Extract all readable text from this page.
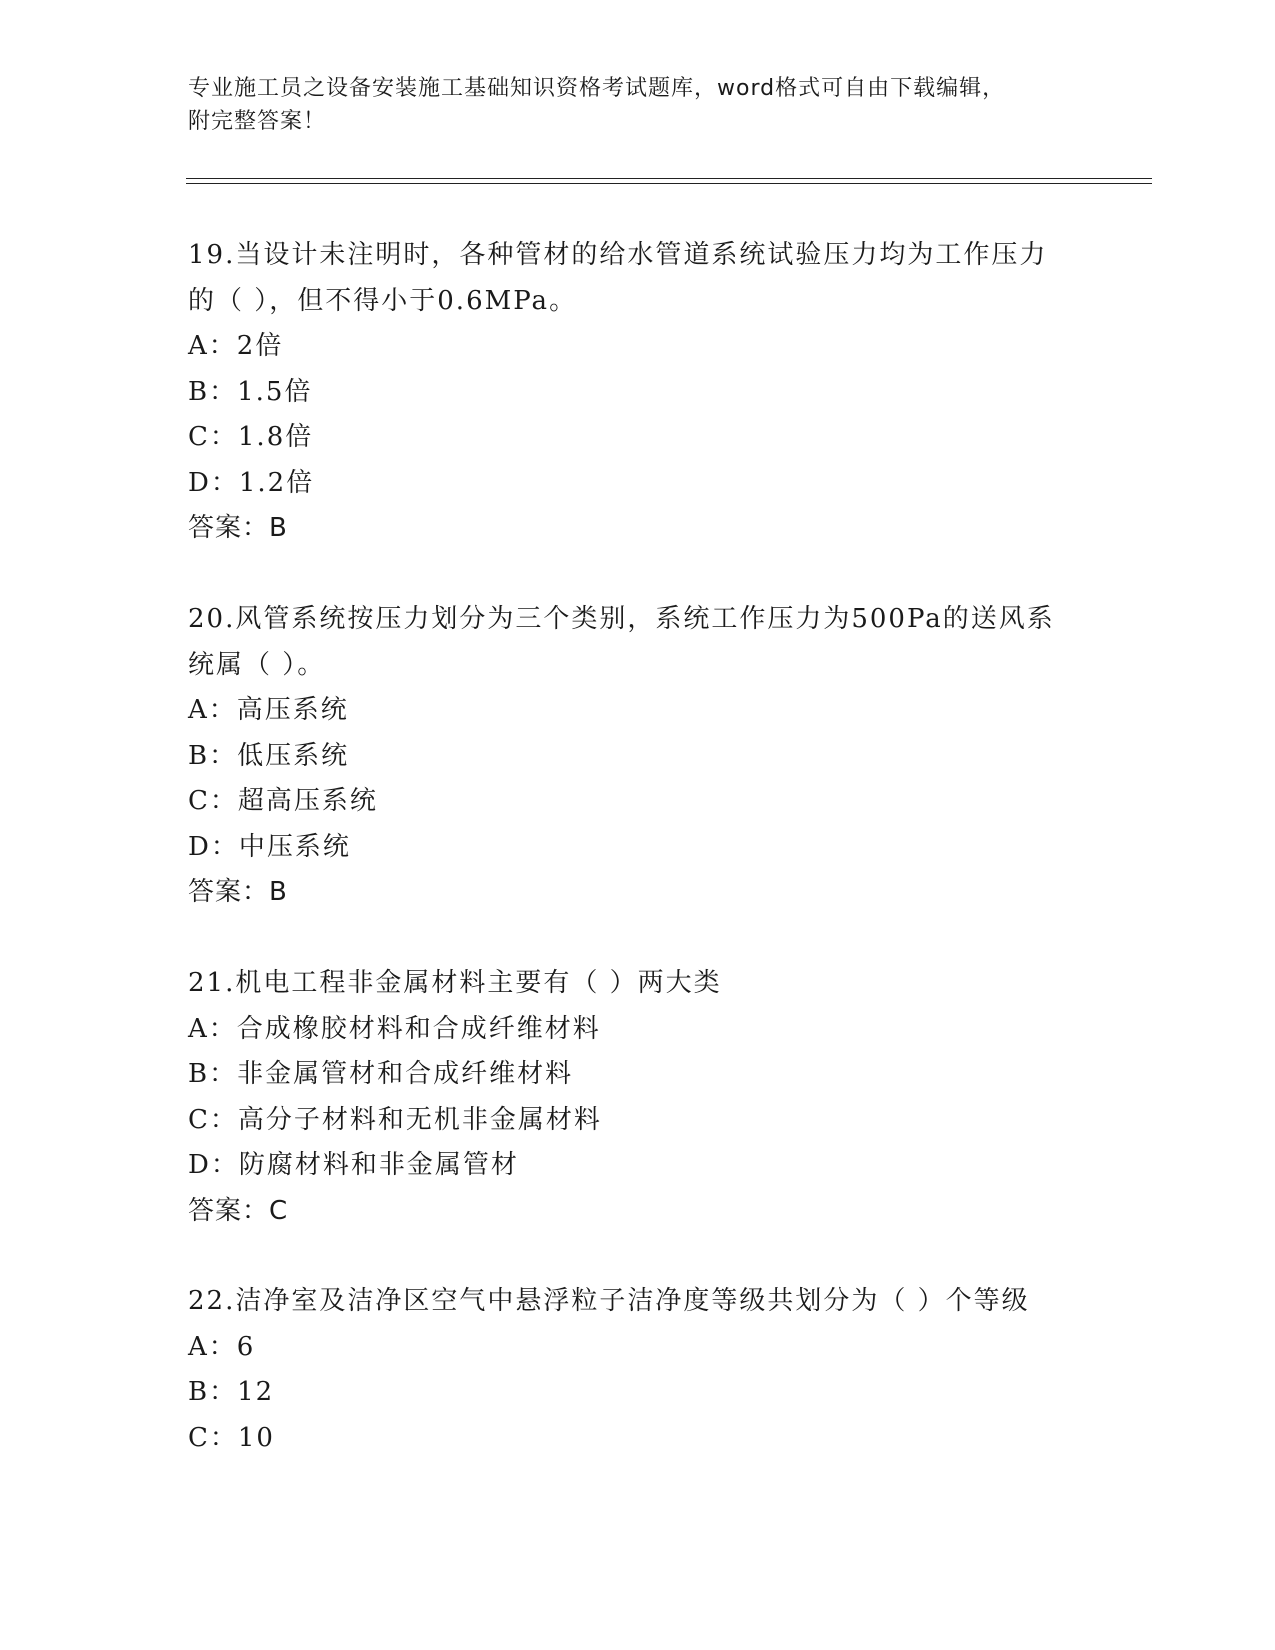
专业施工员之设备安装施工基础知识资格考试题库，word格式可自由下载编辑，
附完整答案！
19.当设计未注明时，各种管材的给水管道系统试验压力均为工作压力
的（ ），但不得小于0.6MPa。
A：2倍
B：1.5倍
C：1.8倍
D：1.2倍
答案：B
20.风管系统按压力划分为三个类别，系统工作压力为500Pa的送风系
统属（ ）。
A：高压系统
B：低压系统
C：超高压系统
D：中压系统
答案：B
21.机电工程非金属材料主要有（ ）两大类
A：合成橡胶材料和合成纤维材料
B：非金属管材和合成纤维材料
C：高分子材料和无机非金属材料
D：防腐材料和非金属管材
答案：C
22.洁净室及洁净区空气中悬浮粒子洁净度等级共划分为（ ）个等级
A：6
B：12
C：10
